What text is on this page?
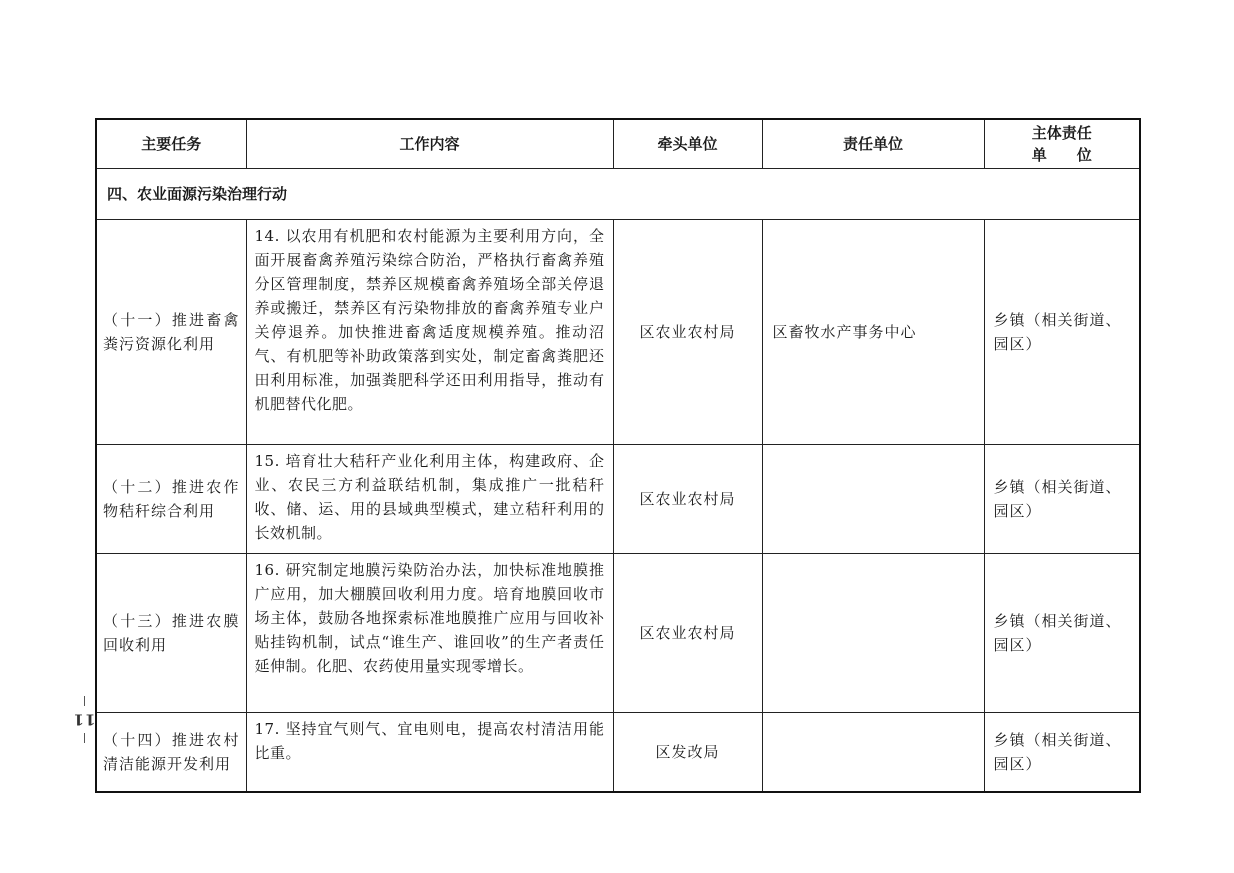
主要任务	工作内容	牵头单位	责任单位	主体责任
单　　位

四、农业面源污染治理行动				
（十一）推进畜禽粪污资源化利用	14. 以农用有机肥和农村能源为主要利用方向，全面开展畜禽养殖污染综合防治，严格执行畜禽养殖分区管理制度，禁养区规模畜禽养殖场全部关停退养或搬迁，禁养区有污染物排放的畜禽养殖专业户关停退养。加快推进畜禽适度规模养殖。推动沼气、有机肥等补助政策落到实处，制定畜禽粪肥还田利用标准，加强粪肥科学还田利用指导，推动有机肥替代化肥。	区农业农村局	区畜牧水产事务中心	乡镇（相关街道、园区）
（十二）推进农作物秸秆综合利用	15. 培育壮大秸秆产业化利用主体，构建政府、企业、农民三方利益联结机制，集成推广一批秸秆收、储、运、用的县域典型模式，建立秸秆利用的长效机制。	区农业农村局		乡镇（相关街道、园区）
（十三）推进农膜回收利用	16. 研究制定地膜污染防治办法，加快标准地膜推广应用，加大棚膜回收利用力度。培育地膜回收市场主体，鼓励各地探索标准地膜推广应用与回收补贴挂钩机制，试点“谁生产、谁回收”的生产者责任延伸制。化肥、农药使用量实现零增长。	区农业农村局		乡镇（相关街道、园区）
（十四）推进农村清洁能源开发利用	17. 坚持宜气则气、宜电则电，提高农村清洁用能比重。	区发改局		乡镇（相关街道、园区）
11
